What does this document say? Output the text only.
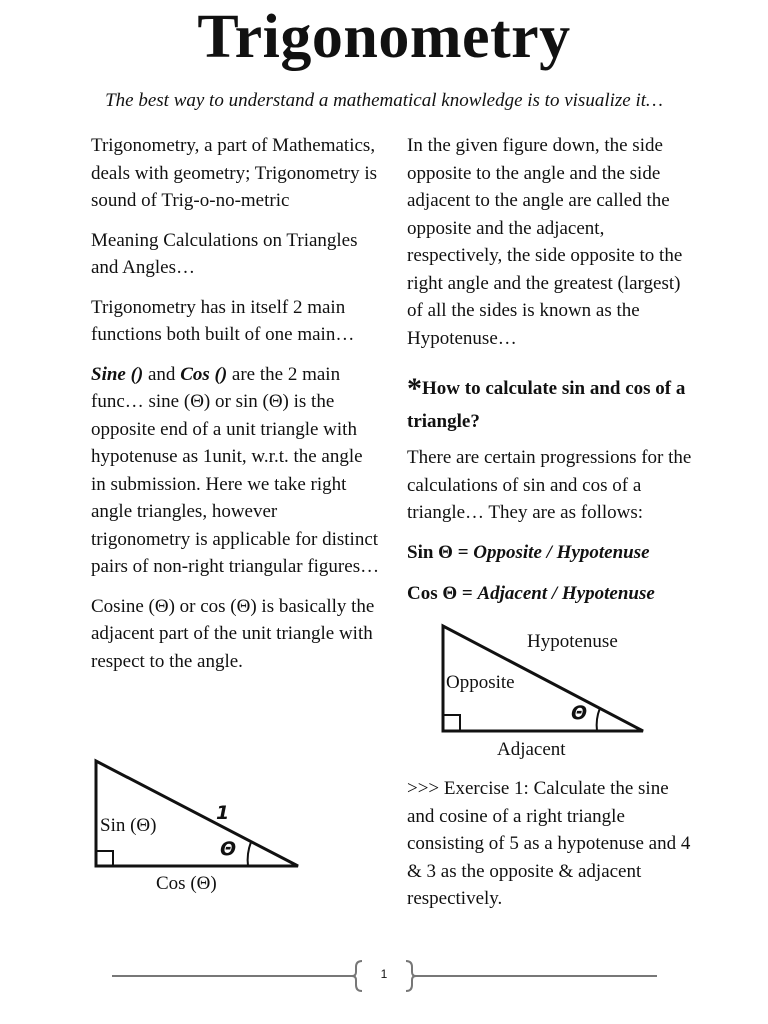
Trigonometry
The best way to understand a mathematical knowledge is to visualize it…

Trigonometry, a part of Mathematics, deals with geometry; Trigonometry is sound of Trig-o-no-metric

Meaning Calculations on Triangles and Angles…

Trigonometry has in itself 2 main functions both built of one main…

Sine () and Cos () are the 2 main func… sine (Θ) or sin (Θ) is the opposite end of a unit triangle with hypotenuse as 1unit, w.r.t. the angle in submission. Here we take right angle triangles, however trigonometry is applicable for distinct pairs of non-right triangular figures…

Cosine (Θ) or cos (Θ) is basically the adjacent part of the unit triangle with respect to the angle.

Sin (Θ)
1
Θ
Cos (Θ)

In the given figure down, the side opposite to the angle and the side adjacent to the angle are called the opposite and the adjacent, respectively, the side opposite to the right angle and the greatest (largest) of all the sides is known as the Hypotenuse…

*How to calculate sin and cos of a triangle?

There are certain progressions for the calculations of sin and cos of a triangle… They are as follows:

Sin Θ = Opposite / Hypotenuse

Cos Θ = Adjacent / Hypotenuse

Hypotenuse
Opposite
Θ
Adjacent

>>> Exercise 1: Calculate the sine and cosine of a right triangle consisting of 5 as a hypotenuse and 4 & 3 as the opposite & adjacent respectively.

1
